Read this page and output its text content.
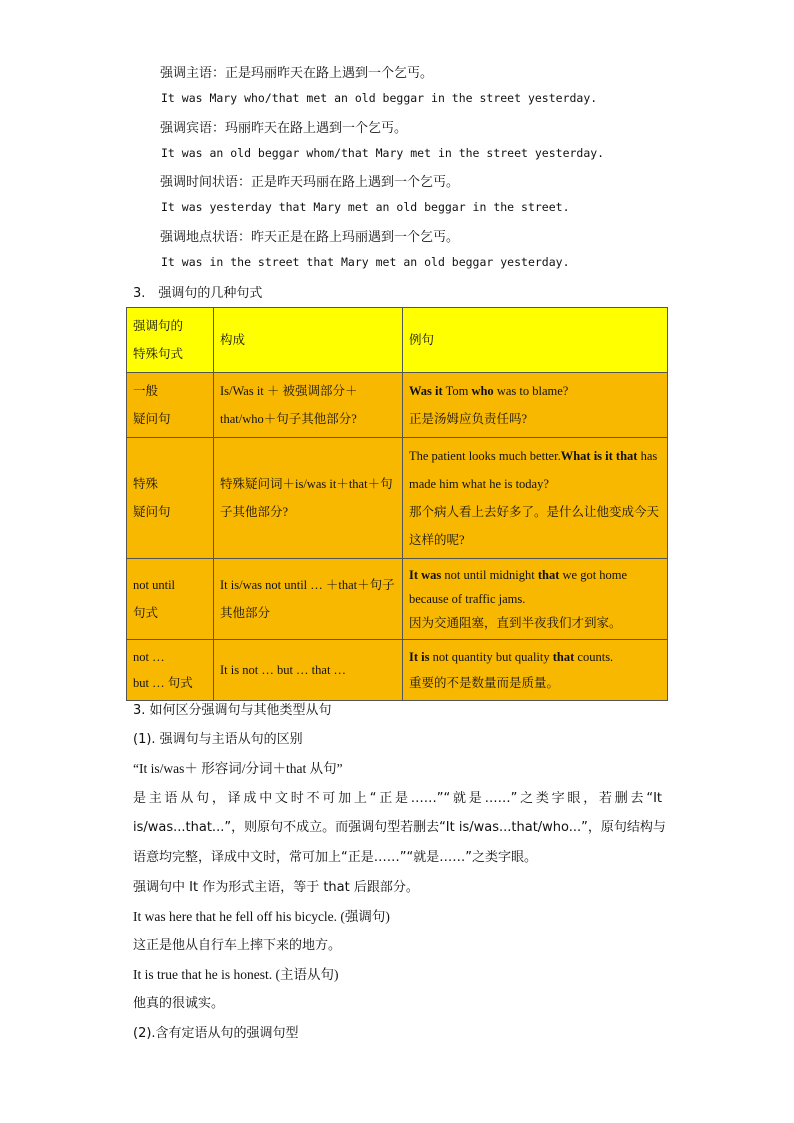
强调主语：正是玛丽昨天在路上遇到一个乞丐。
It was Mary who/that met an old beggar in the street yesterday.
强调宾语：玛丽昨天在路上遇到一个乞丐。
It was an old beggar whom/that Mary met in the street yesterday.
强调时间状语：正是昨天玛丽在路上遇到一个乞丐。
It was yesterday that Mary met an old beggar in the street.
强调地点状语：昨天正是在路上玛丽遇到一个乞丐。
It was in the street that Mary met an old beggar yesterday.
3.　强调句的几种句式
强调句的
特殊句式	构成	例句
一般
疑问句	Is/Was it ＋ 被强调部分＋that/who＋句子其他部分?	Was it Tom who was to blame?
正是汤姆应负责任吗?
特殊
疑问句	特殊疑问词＋is/was it＋that＋句子其他部分?	The patient looks much better.What is it that has made him what he is today?
那个病人看上去好多了。是什么让他变成今天这样的呢?
not until
句式	It is/was not until … ＋that＋句子其他部分	It was not until midnight that we got home because of traffic jams.
因为交通阻塞，直到半夜我们才到家。
not …
but … 句式	It is not … but … that …	It is not quantity but quality that counts.
重要的不是数量而是质量。
3. 如何区分强调句与其他类型从句
(1). 强调句与主语从句的区别
“It is/was＋ 形容词/分词＋that 从句”
是主语从句，译成中文时不可加上“正是……”“就是……”之类字眼，若删去“It
is/was...that...”，则原句不成立。而强调句型若删去“It is/was...that/who...”，原句结构与
语意均完整，译成中文时，常可加上“正是……”“就是……”之类字眼。
强调句中 It 作为形式主语，等于 that 后跟部分。
It was here that he fell off his bicycle. (强调句)
这正是他从自行车上摔下来的地方。
It is true that he is honest. (主语从句)
他真的很诚实。
(2).含有定语从句的强调句型
